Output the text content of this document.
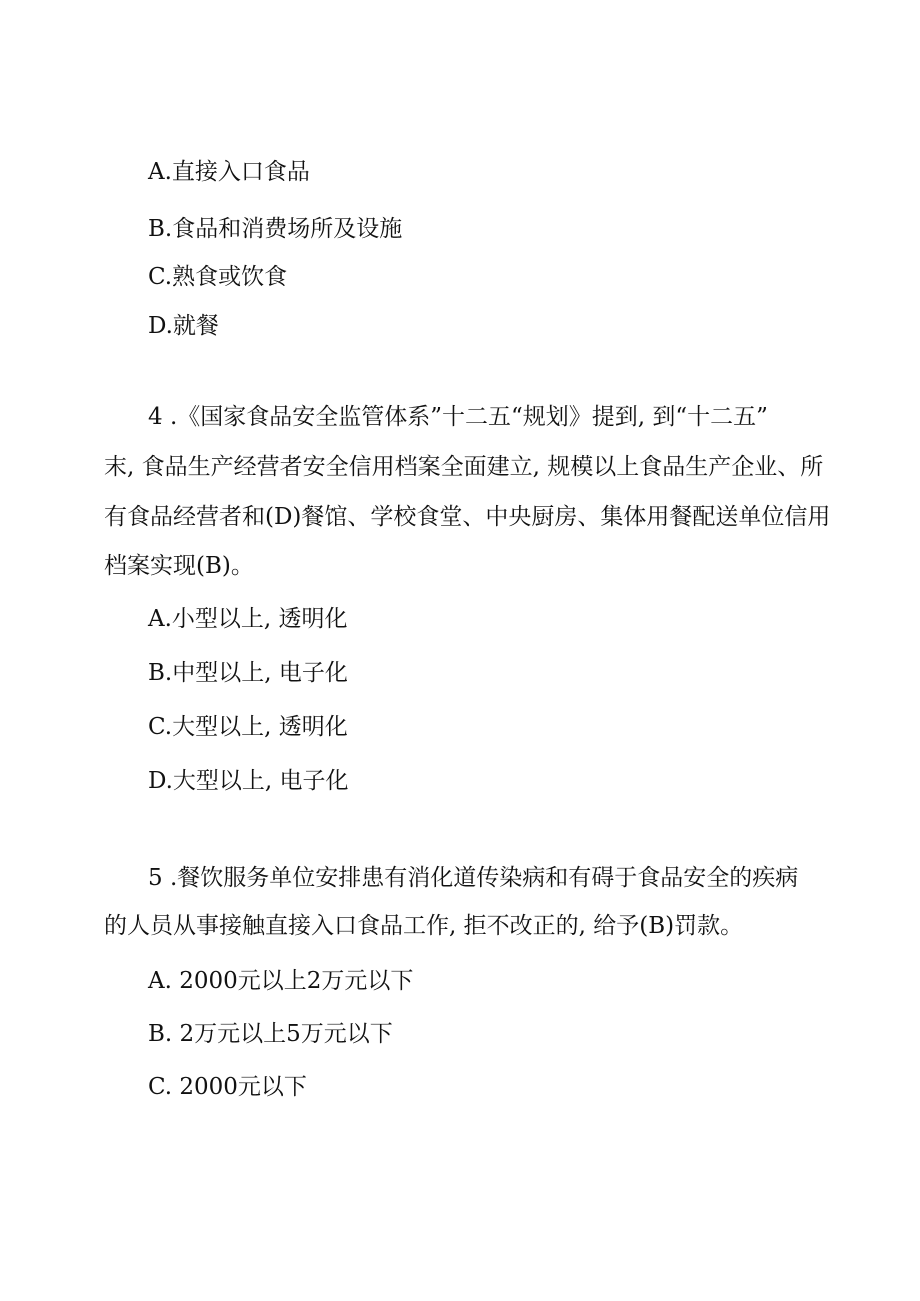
A.直接入口食品
B.食品和消费场所及设施
C.熟食或饮食
D.就餐
4 .《国家食品安全监管体系”十二五“规划》提到, 到“十二五”
末, 食品生产经营者安全信用档案全面建立, 规模以上食品生产企业、所
有食品经营者和(D)餐馆、学校食堂、中央厨房、集体用餐配送单位信用
档案实现(B)。
A.小型以上, 透明化
B.中型以上, 电子化
C.大型以上, 透明化
D.大型以上, 电子化
5 .餐饮服务单位安排患有消化道传染病和有碍于食品安全的疾病
的人员从事接触直接入口食品工作, 拒不改正的, 给予(B)罚款。
A. 2000元以上2万元以下
B. 2万元以上5万元以下
C. 2000元以下
